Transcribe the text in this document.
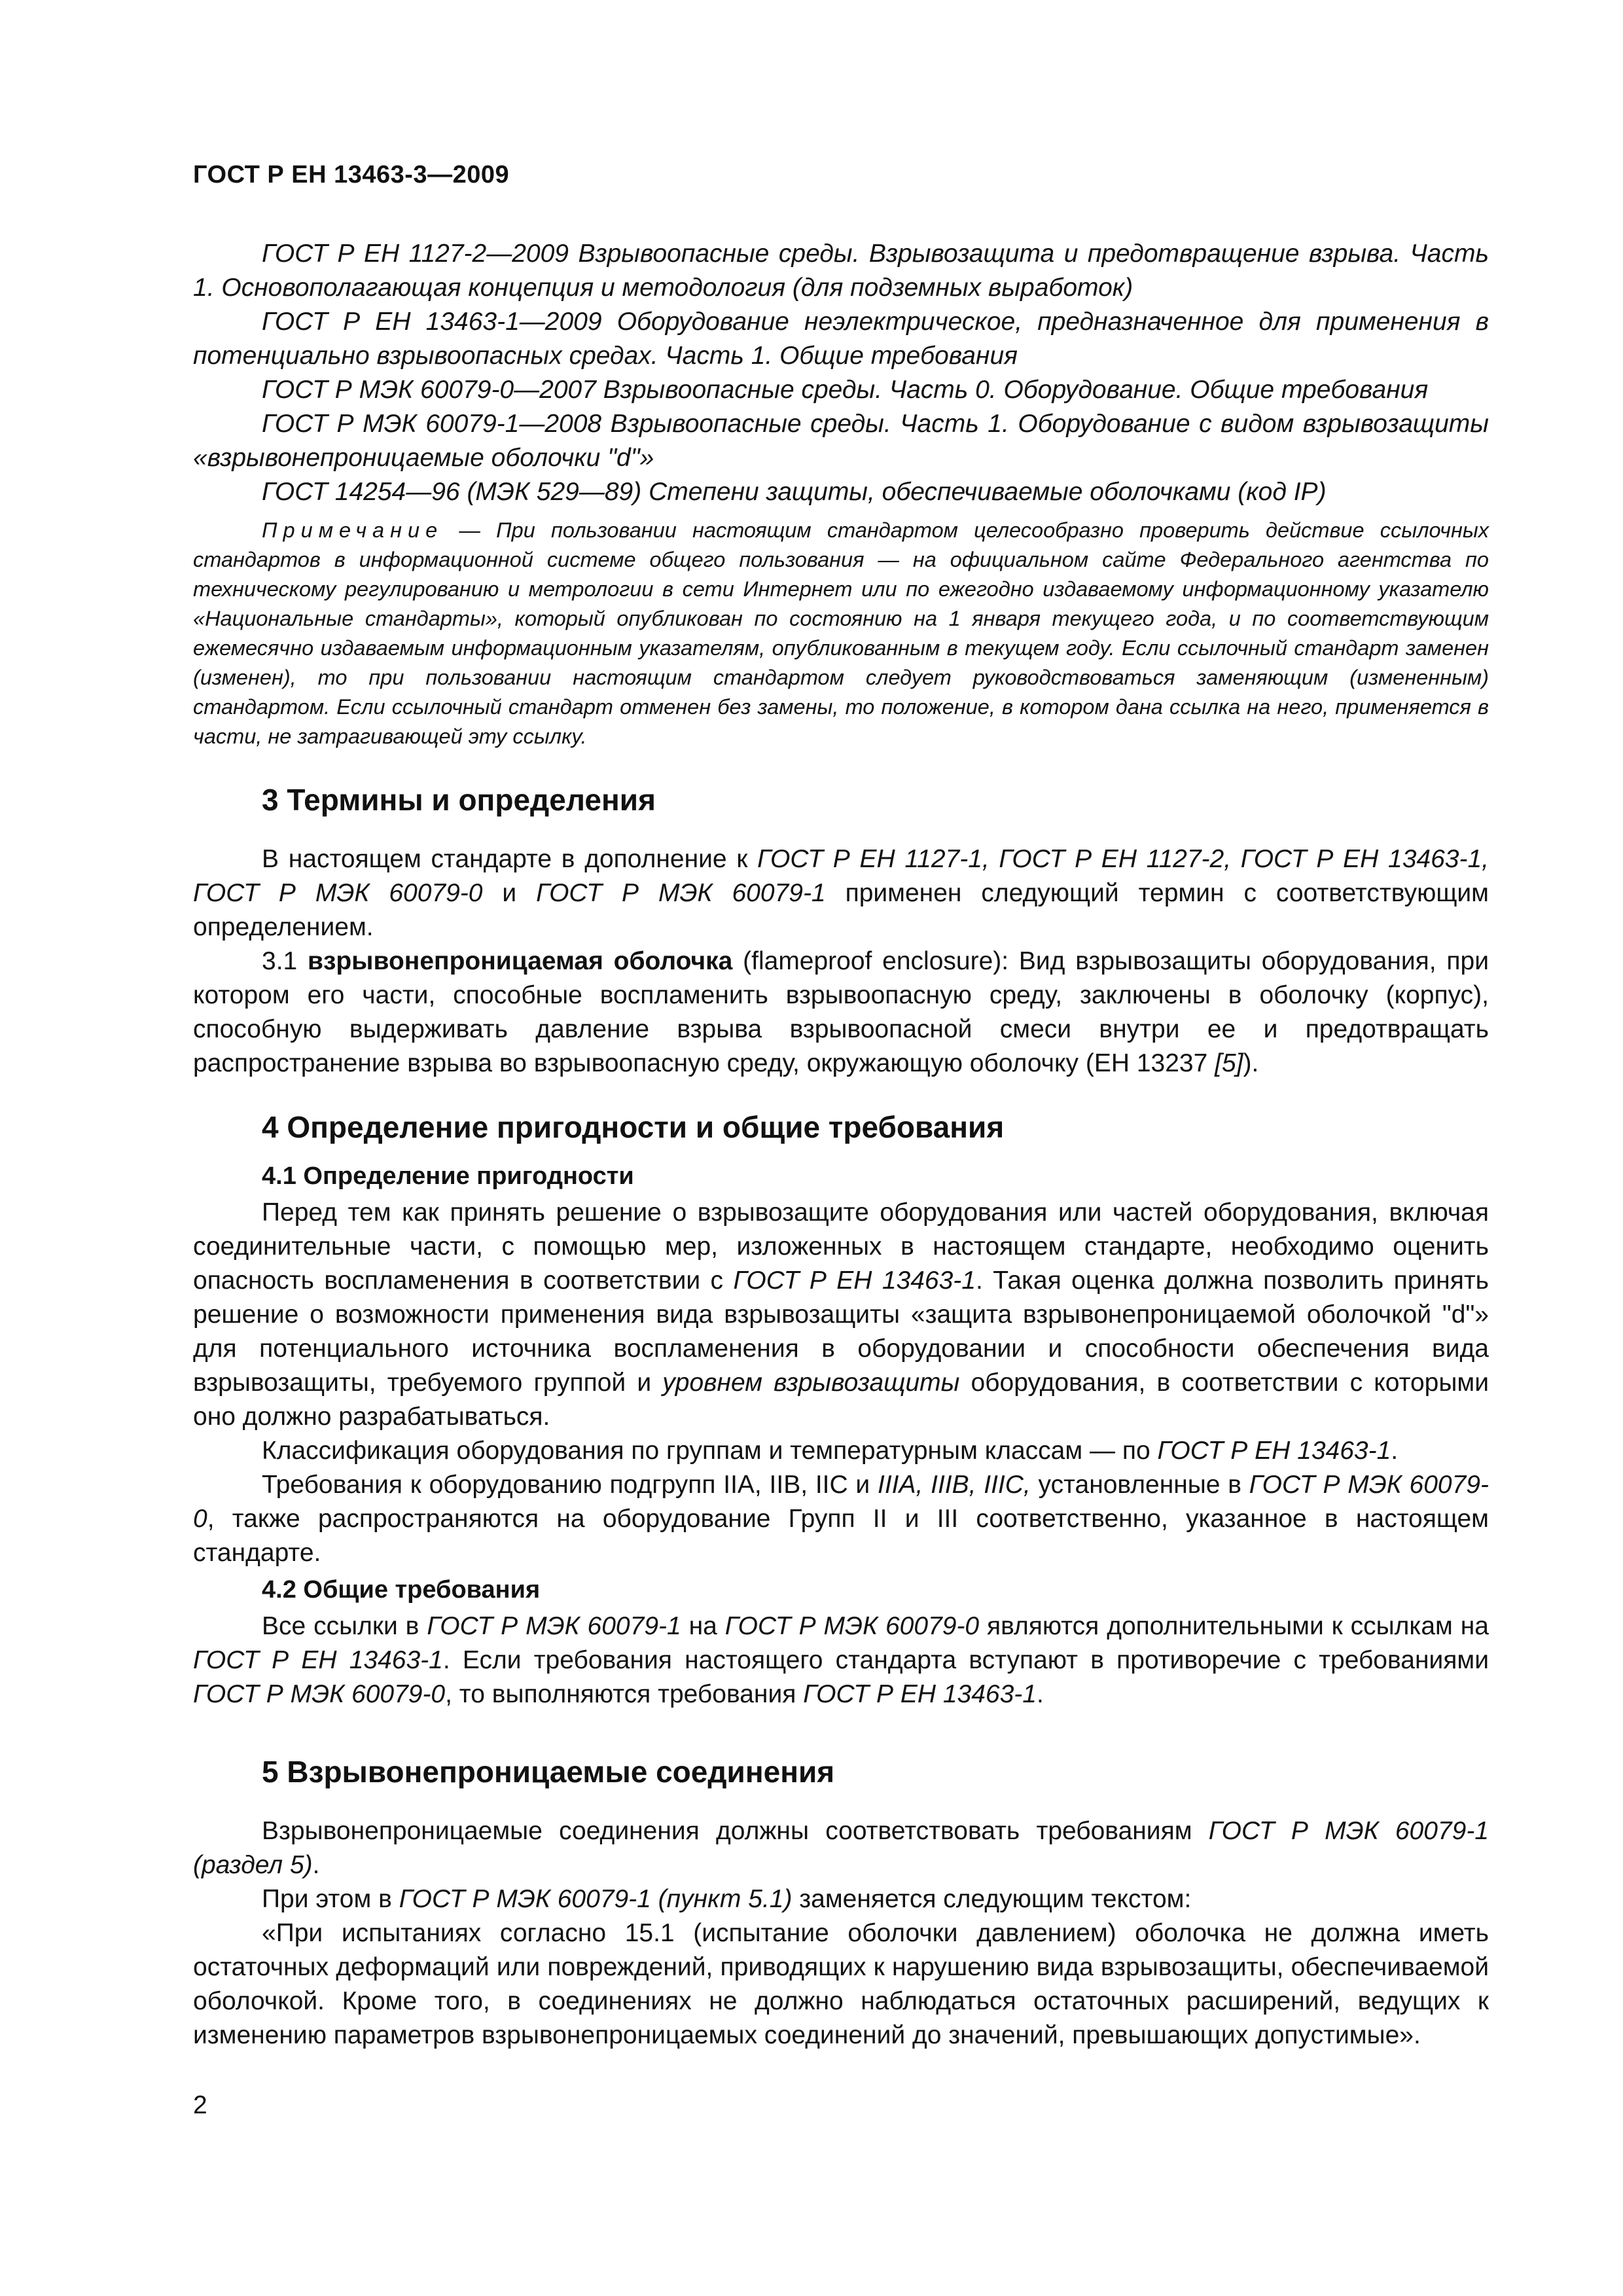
ГОСТ Р ЕН 13463-3—2009

ГОСТ Р ЕН 1127-2—2009 Взрывоопасные среды. Взрывозащита и предотвращение взрыва. Часть 1. Основополагающая концепция и методология (для подземных выработок)

ГОСТ Р ЕН 13463-1—2009 Оборудование неэлектрическое, предназначенное для применения в потенциально взрывоопасных средах. Часть 1. Общие требования

ГОСТ Р МЭК 60079-0—2007 Взрывоопасные среды. Часть 0. Оборудование. Общие требования

ГОСТ Р МЭК 60079-1—2008 Взрывоопасные среды. Часть 1. Оборудование с видом взрывозащиты «взрывонепроницаемые оболочки "d"»

ГОСТ 14254—96 (МЭК 529—89) Степени защиты, обеспечиваемые оболочками (код IP)

Примечание — При пользовании настоящим стандартом целесообразно проверить действие ссылочных стандартов в информационной системе общего пользования — на официальном сайте Федерального агентства по техническому регулированию и метрологии в сети Интернет или по ежегодно издаваемому информационному указателю «Национальные стандарты», который опубликован по состоянию на 1 января текущего года, и по соответствующим ежемесячно издаваемым информационным указателям, опубликованным в текущем году. Если ссылочный стандарт заменен (изменен), то при пользовании настоящим стандартом следует руководствоваться заменяющим (измененным) стандартом. Если ссылочный стандарт отменен без замены, то положение, в котором дана ссылка на него, применяется в части, не затрагивающей эту ссылку.

3 Термины и определения

В настоящем стандарте в дополнение к ГОСТ Р ЕН 1127-1, ГОСТ Р ЕН 1127-2, ГОСТ Р ЕН 13463-1, ГОСТ Р МЭК 60079-0 и ГОСТ Р МЭК 60079-1 применен следующий термин с соответствующим определением.

3.1 взрывонепроницаемая оболочка (flameproof enclosure): Вид взрывозащиты оборудования, при котором его части, способные воспламенить взрывоопасную среду, заключены в оболочку (корпус), способную выдерживать давление взрыва взрывоопасной смеси внутри ее и предотвращать распространение взрыва во взрывоопасную среду, окружающую оболочку (ЕН 13237 [5]).

4 Определение пригодности и общие требования
4.1 Определение пригодности

Перед тем как принять решение о взрывозащите оборудования или частей оборудования, включая соединительные части, с помощью мер, изложенных в настоящем стандарте, необходимо оценить опасность воспламенения в соответствии с ГОСТ Р ЕН 13463-1. Такая оценка должна позволить принять решение о возможности применения вида взрывозащиты «защита взрывонепроницаемой оболочкой "d"» для потенциального источника воспламенения в оборудовании и способности обеспечения вида взрывозащиты, требуемого группой и уровнем взрывозащиты оборудования, в соответствии с которыми оно должно разрабатываться.

Классификация оборудования по группам и температурным классам — по ГОСТ Р ЕН 13463-1.

Требования к оборудованию подгрупп IIA, IIB, IIC и IIIA, IIIB, IIIC, установленные в ГОСТ Р МЭК 60079-0, также распространяются на оборудование Групп II и III соответственно, указанное в настоящем стандарте.

4.2 Общие требования

Все ссылки в ГОСТ Р МЭК 60079-1 на ГОСТ Р МЭК 60079-0 являются дополнительными к ссылкам на ГОСТ Р ЕН 13463-1. Если требования настоящего стандарта вступают в противоречие с требованиями ГОСТ Р МЭК 60079-0, то выполняются требования ГОСТ Р ЕН 13463-1.

5 Взрывонепроницаемые соединения

Взрывонепроницаемые соединения должны соответствовать требованиям ГОСТ Р МЭК 60079-1 (раздел 5).

При этом в ГОСТ Р МЭК 60079-1 (пункт 5.1) заменяется следующим текстом:

«При испытаниях согласно 15.1 (испытание оболочки давлением) оболочка не должна иметь остаточных деформаций или повреждений, приводящих к нарушению вида взрывозащиты, обеспечиваемой оболочкой. Кроме того, в соединениях не должно наблюдаться остаточных расширений, ведущих к изменению параметров взрывонепроницаемых соединений до значений, превышающих допустимые».

2
